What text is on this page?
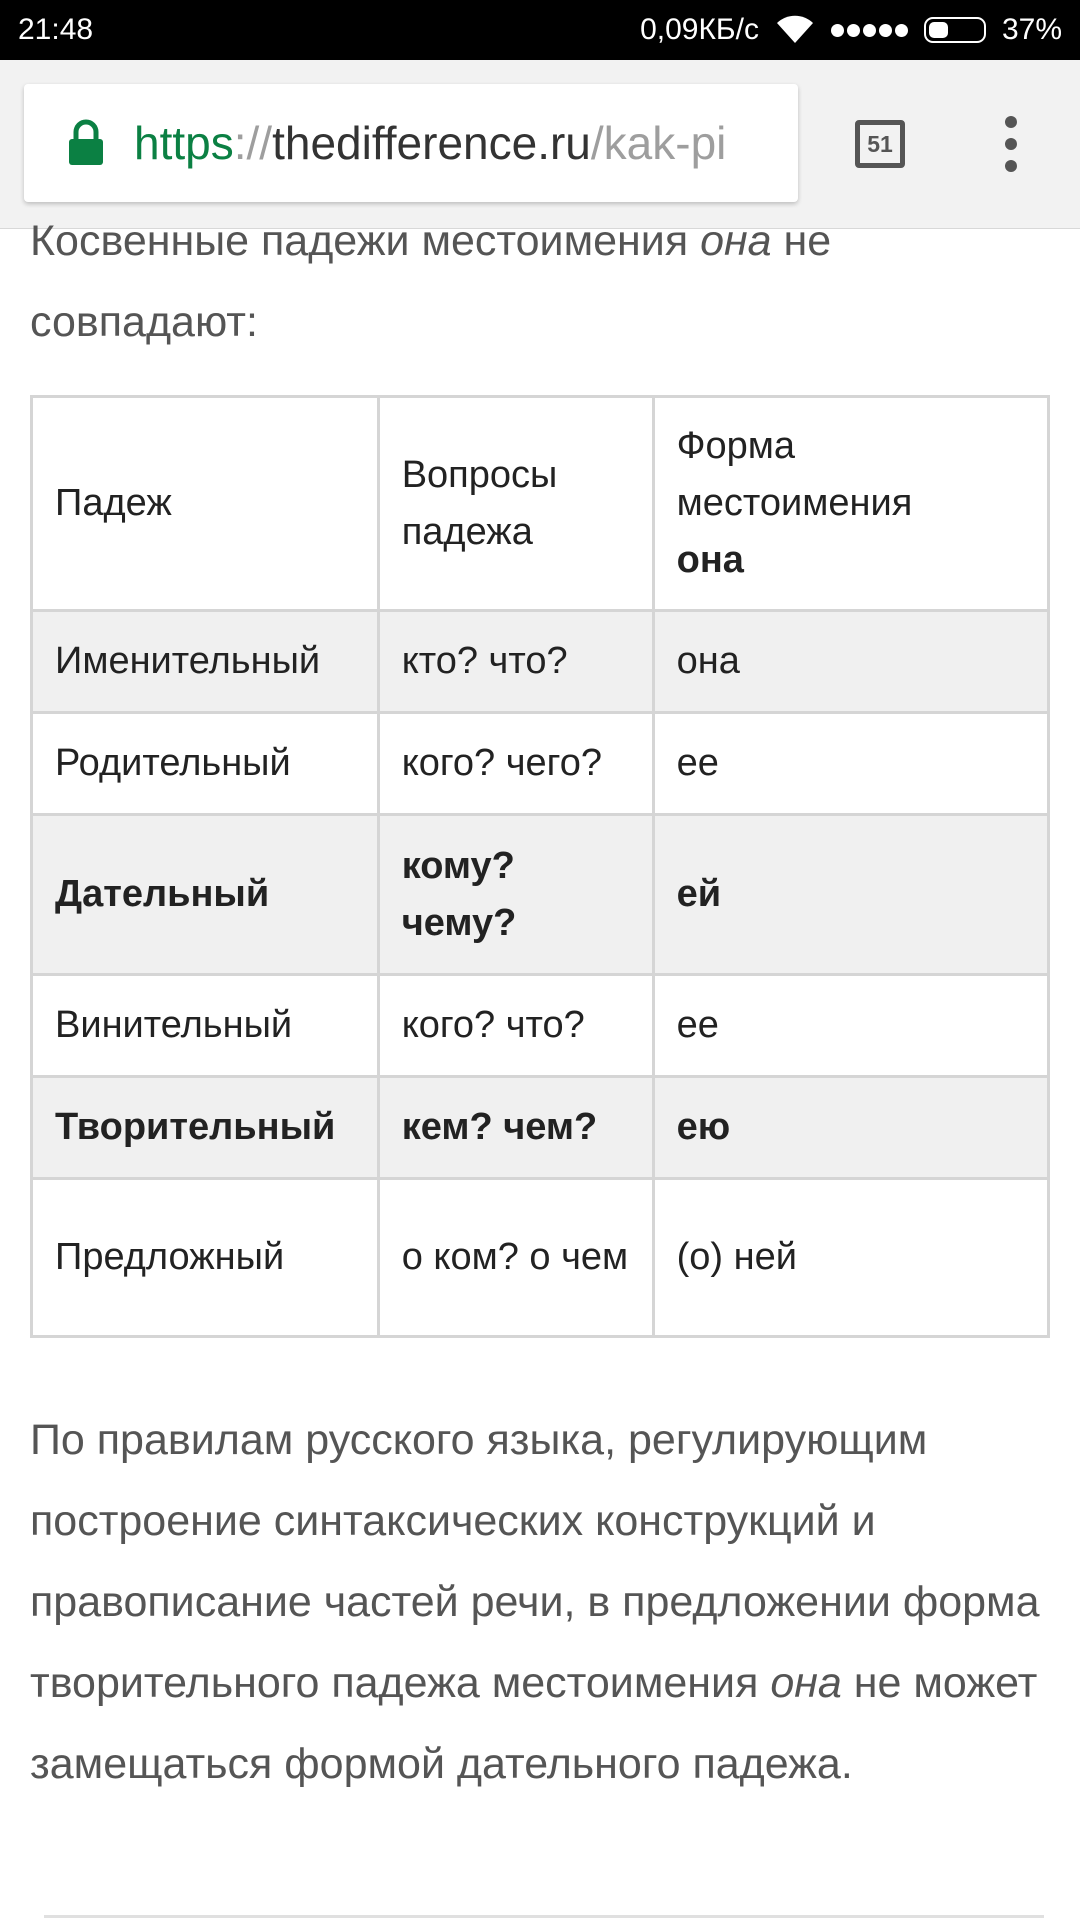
21:48	0,09КБ/с	37%
https://thedifference.ru/kak-pi	51

Косвенные падежи местоимения она не совпадают:

Падеж	Вопросы падежа	Форма местоимения
она
Именительный	кто? что?	она
Родительный	кого? чего?	ее
Дательный	кому? чему?	ей
Винительный	кого? что?	ее
Творительный	кем? чем?	ею
Предложный	о ком? о чем	(о) ней

По правилам русского языка, регулирующим построение синтаксических конструкций и правописание частей речи, в предложении форма творительного падежа местоимения она не может замещаться формой дательного падежа.
